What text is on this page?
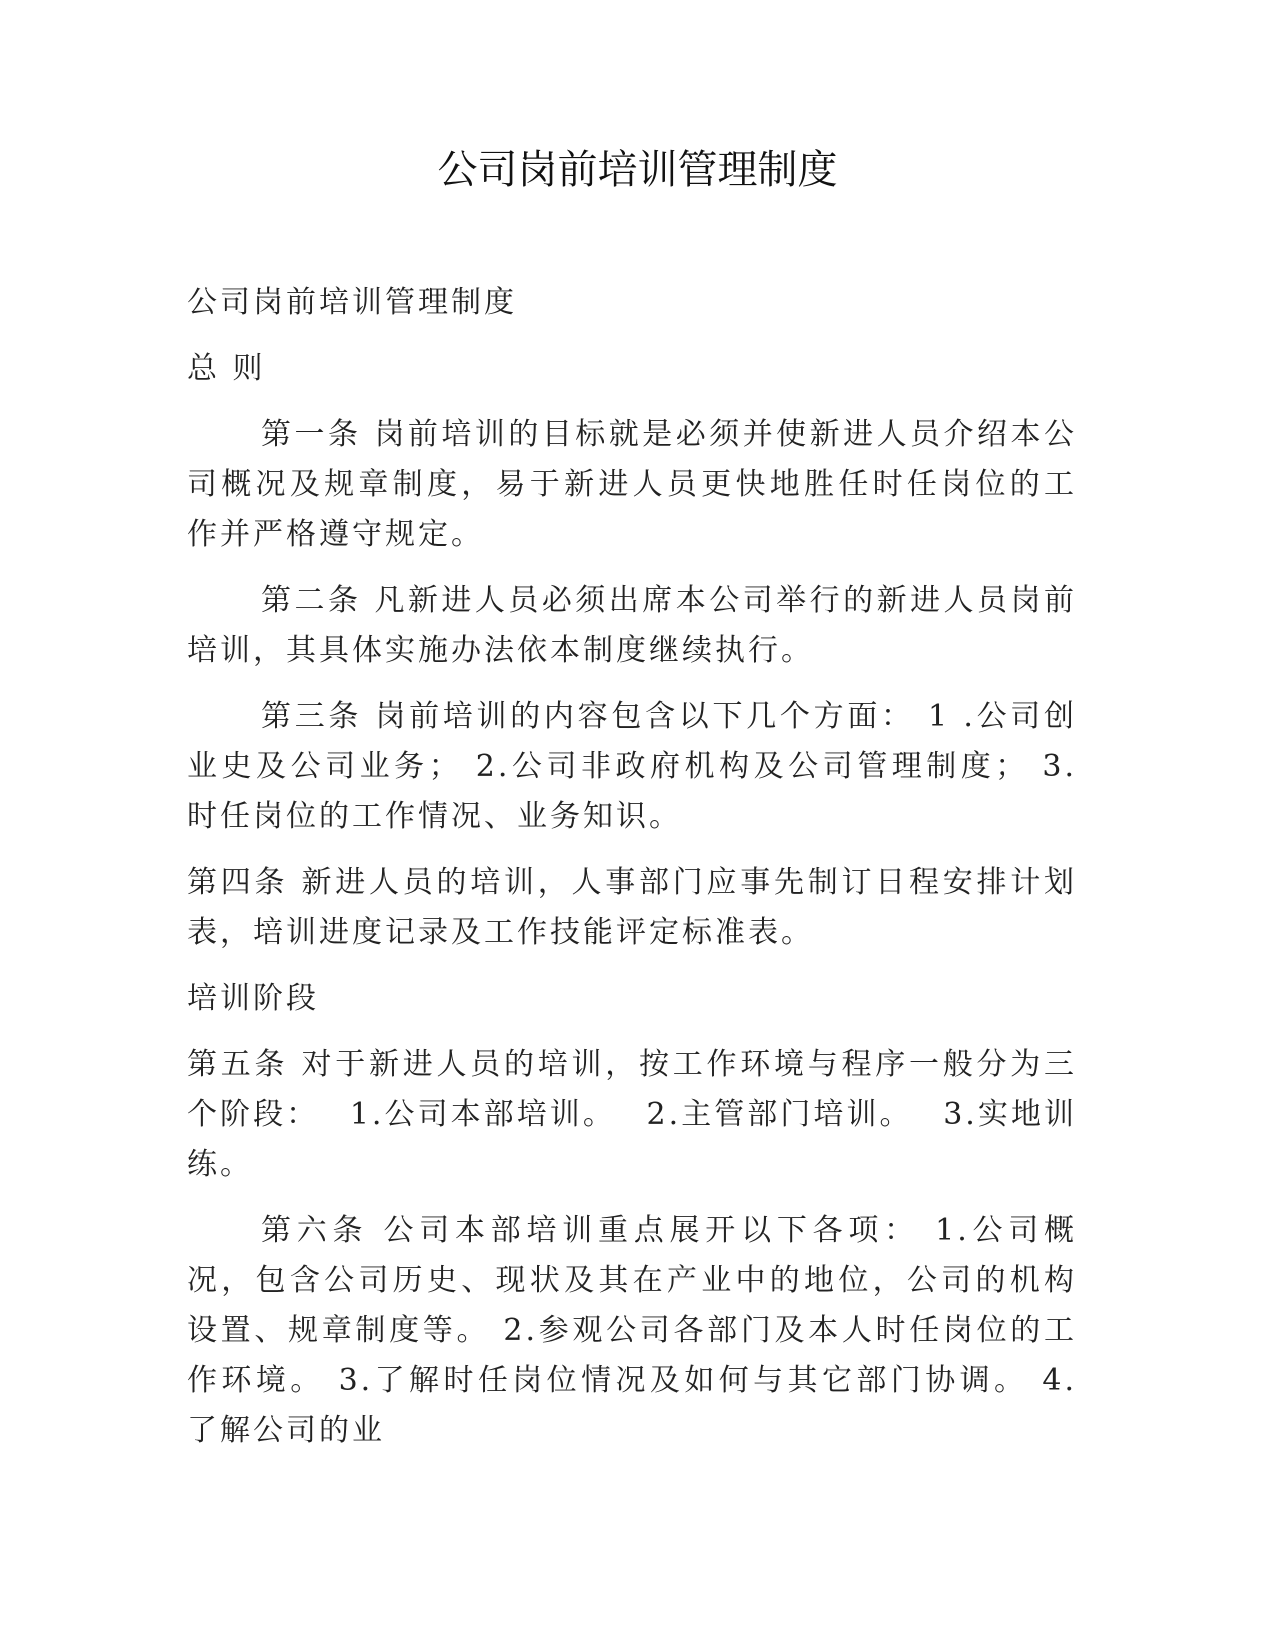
公司岗前培训管理制度

公司岗前培训管理制度

总 则

第一条 岗前培训的目标就是必须并使新进人员介绍本公司概况及规章制度，易于新进人员更快地胜任时任岗位的工作并严格遵守规定。

第二条 凡新进人员必须出席本公司举行的新进人员岗前培训，其具体实施办法依本制度继续执行。

第三条 岗前培训的内容包含以下几个方面： 1 .公司创业史及公司业务； 2.公司非政府机构及公司管理制度； 3. 时任岗位的工作情况、业务知识。

第四条 新进人员的培训，人事部门应事先制订日程安排计划表，培训进度记录及工作技能评定标准表。

培训阶段

第五条 对于新进人员的培训，按工作环境与程序一般分为三个阶段：　 1.公司本部培训。　 2.主管部门培训。　 3.实地训练。

第六条 公司本部培训重点展开以下各项： 1.公司概况，包含公司历史、现状及其在产业中的地位，公司的机构设置、规章制度等。 2.参观公司各部门及本人时任岗位的工作环境。 3.了解时任岗位情况及如何与其它部门协调。 4. 了解公司的业
